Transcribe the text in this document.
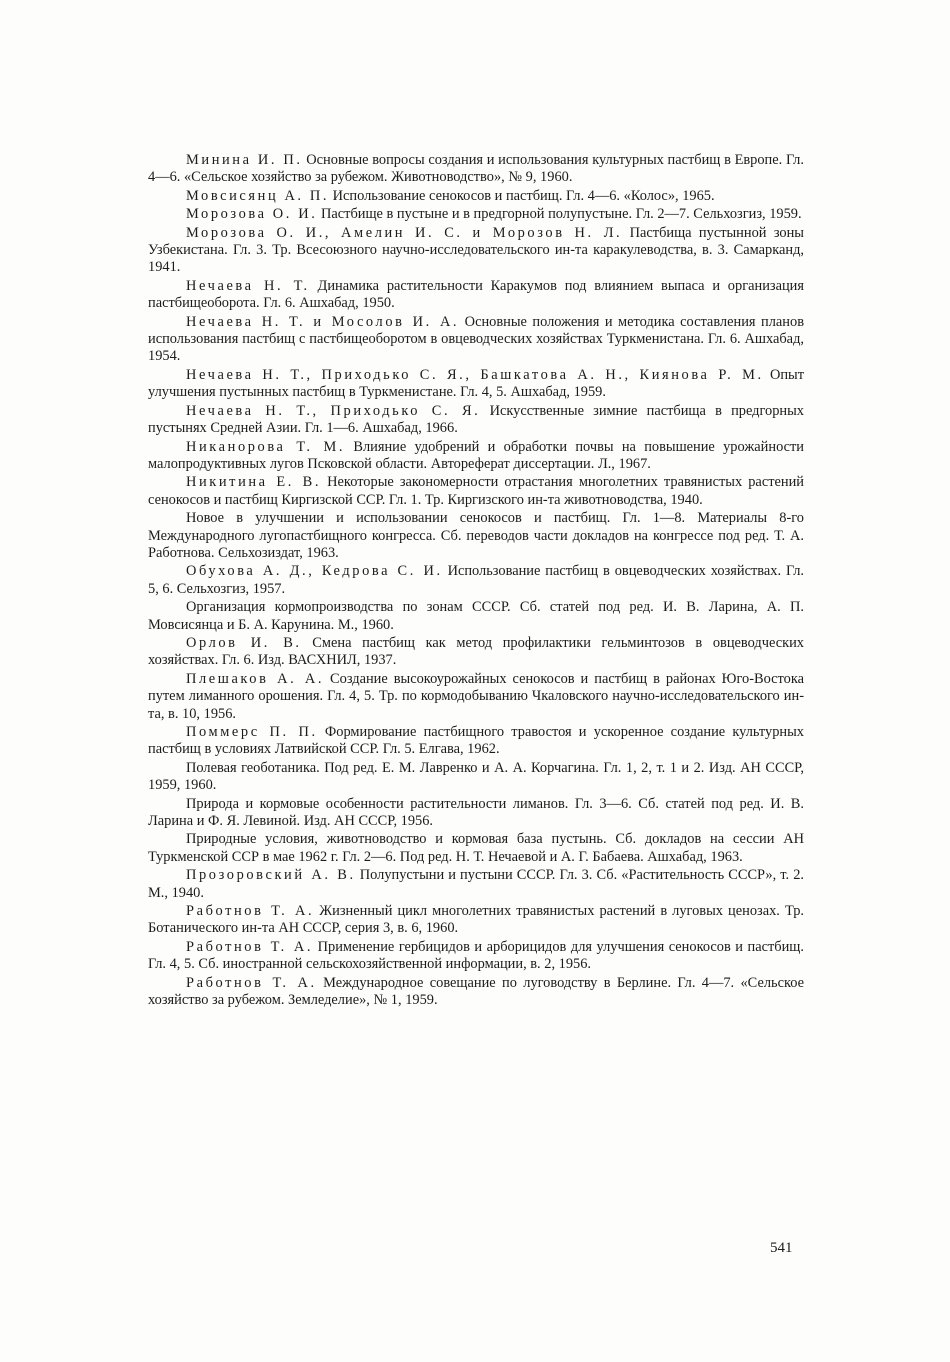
Минина И. П. Основные вопросы создания и использования культурных пастбищ в Европе. Гл. 4—6. «Сельское хозяйство за рубежом. Животноводство», № 9, 1960.

Мовсисянц А. П. Использование сенокосов и пастбищ. Гл. 4—6. «Колос», 1965.

Морозова О. И. Пастбище в пустыне и в предгорной полупустыне. Гл. 2—7. Сельхозгиз, 1959.

Морозова О. И., Амелин И. С. и Морозов Н. Л. Пастбища пустынной зоны Узбекистана. Гл. 3. Тр. Всесоюзного научно-исследовательского ин-та каракулеводства, в. 3. Самарканд, 1941.

Нечаева Н. Т. Динамика растительности Каракумов под влиянием выпаса и организация пастбищеоборота. Гл. 6. Ашхабад, 1950.

Нечаева Н. Т. и Мосолов И. А. Основные положения и методика составления планов использования пастбищ с пастбищеоборотом в овцеводческих хозяйствах Туркменистана. Гл. 6. Ашхабад, 1954.

Нечаева Н. Т., Приходько С. Я., Башкатова А. Н., Киянова Р. М. Опыт улучшения пустынных пастбищ в Туркменистане. Гл. 4, 5. Ашхабад, 1959.

Нечаева Н. Т., Приходько С. Я. Искусственные зимние пастбища в предгорных пустынях Средней Азии. Гл. 1—6. Ашхабад, 1966.

Никанорова Т. М. Влияние удобрений и обработки почвы на повышение урожайности малопродуктивных лугов Псковской области. Автореферат диссертации. Л., 1967.

Никитина Е. В. Некоторые закономерности отрастания многолетних травянистых растений сенокосов и пастбищ Киргизской ССР. Гл. 1. Тр. Киргизского ин-та животноводства, 1940.

Новое в улучшении и использовании сенокосов и пастбищ. Гл. 1—8. Материалы 8-го Международного лугопастбищного конгресса. Сб. переводов части докладов на конгрессе под ред. Т. А. Работнова. Сельхозиздат, 1963.

Обухова А. Д., Кедрова С. И. Использование пастбищ в овцеводческих хозяйствах. Гл. 5, 6. Сельхозгиз, 1957.

Организация кормопроизводства по зонам СССР. Сб. статей под ред. И. В. Ларина, А. П. Мовсисянца и Б. А. Карунина. М., 1960.

Орлов И. В. Смена пастбищ как метод профилактики гельминтозов в овцеводческих хозяйствах. Гл. 6. Изд. ВАСХНИЛ, 1937.

Плешаков А. А. Создание высокоурожайных сенокосов и пастбищ в районах Юго-Востока путем лиманного орошения. Гл. 4, 5. Тр. по кормодобыванию Чкаловского научно-исследовательского ин-та, в. 10, 1956.

Поммерс П. П. Формирование пастбищного травостоя и ускоренное создание культурных пастбищ в условиях Латвийской ССР. Гл. 5. Елгава, 1962.

Полевая геоботаника. Под ред. Е. М. Лавренко и А. А. Корчагина. Гл. 1, 2, т. 1 и 2. Изд. АН СССР, 1959, 1960.

Природа и кормовые особенности растительности лиманов. Гл. 3—6. Сб. статей под ред. И. В. Ларина и Ф. Я. Левиной. Изд. АН СССР, 1956.

Природные условия, животноводство и кормовая база пустынь. Сб. докладов на сессии АН Туркменской ССР в мае 1962 г. Гл. 2—6. Под ред. Н. Т. Нечаевой и А. Г. Бабаева. Ашхабад, 1963.

Прозоровский А. В. Полупустыни и пустыни СССР. Гл. 3. Сб. «Растительность СССР», т. 2. М., 1940.

Работнов Т. А. Жизненный цикл многолетних травянистых растений в луговых ценозах. Тр. Ботанического ин-та АН СССР, серия 3, в. 6, 1960.

Работнов Т. А. Применение гербицидов и арборицидов для улучшения сенокосов и пастбищ. Гл. 4, 5. Сб. иностранной сельскохозяйственной информации, в. 2, 1956.

Работнов Т. А. Международное совещание по луговодству в Берлине. Гл. 4—7. «Сельское хозяйство за рубежом. Земледелие», № 1, 1959.

541
